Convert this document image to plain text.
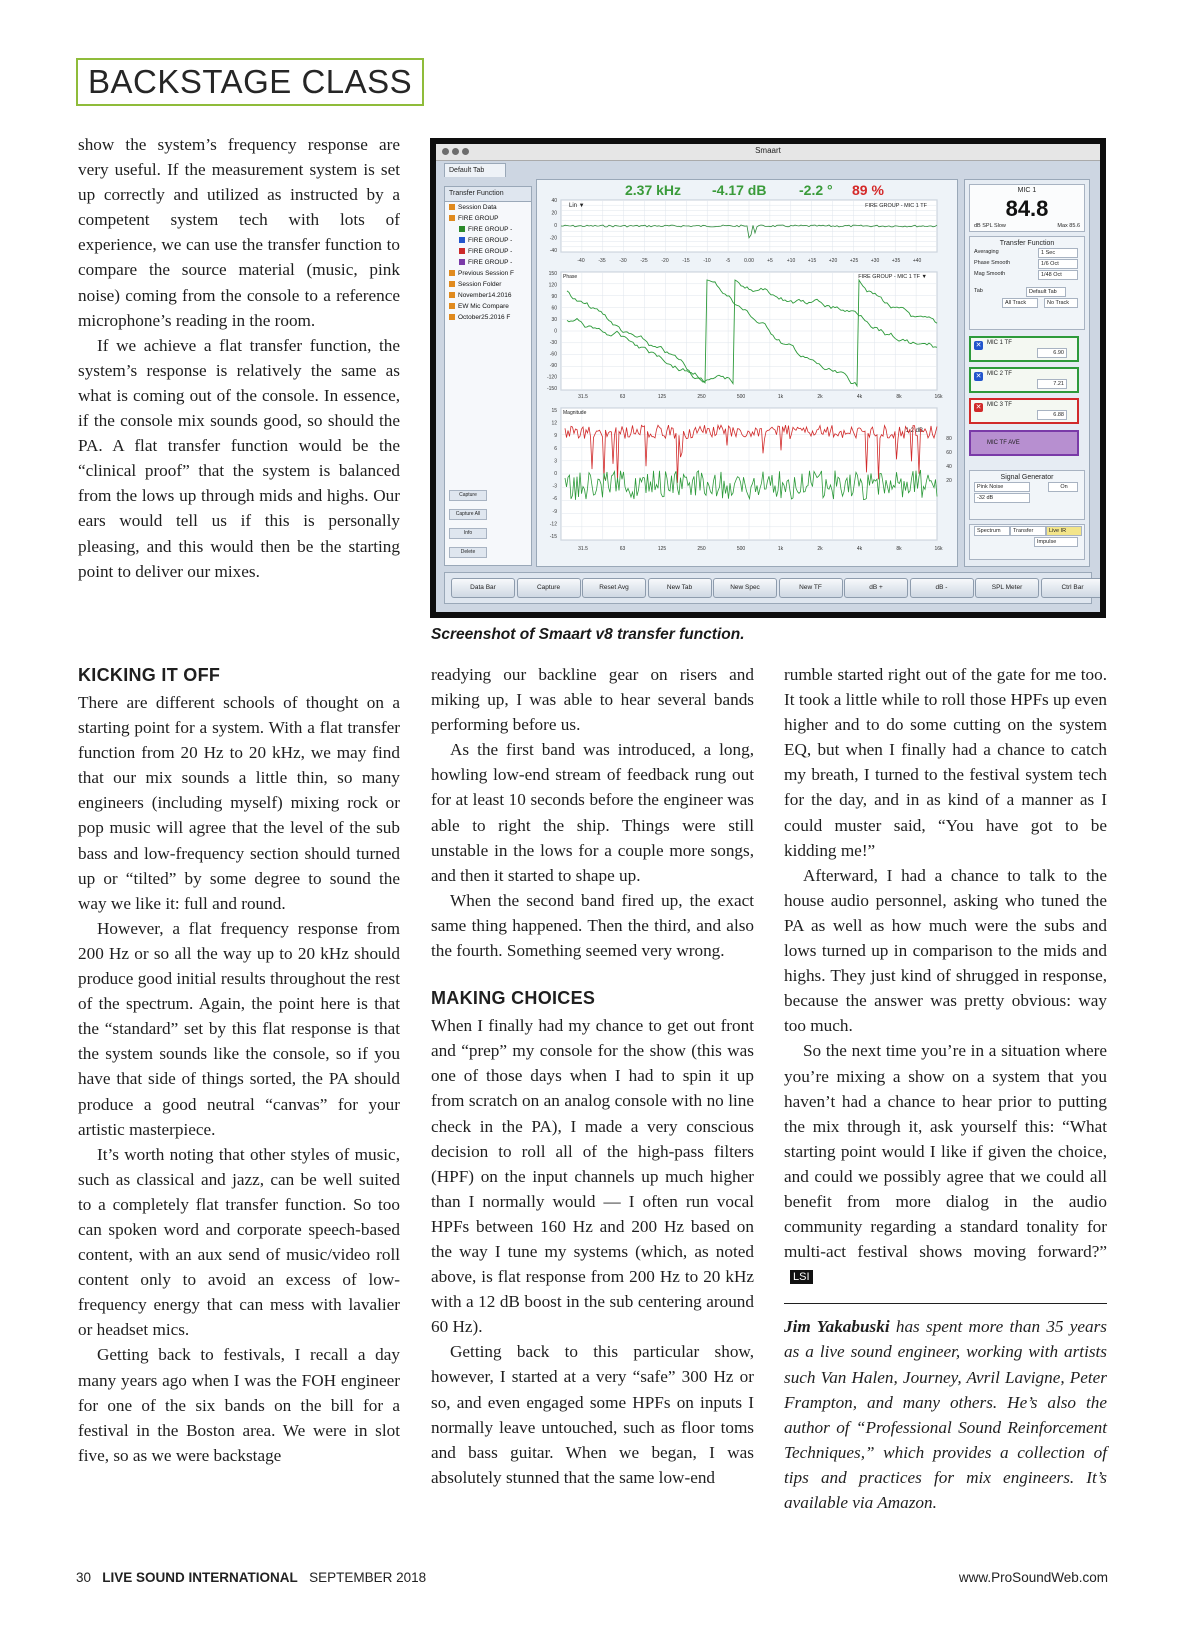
BACKSTAGE CLASS

show the system’s frequency response are very useful. If the measurement system is set up correctly and utilized as instructed by a competent system tech with lots of experience, we can use the transfer function to compare the source material (music, pink noise) coming from the console to a reference microphone’s reading in the room.

If we achieve a flat transfer function, the system’s response is relatively the same as what is coming out of the console. In essence, if the console mix sounds good, so should the PA. A flat transfer function would be the “clinical proof” that the system is balanced from the lows up through mids and highs. Our ears would tell us if this is personally pleasing, and this would then be the starting point to deliver our mixes.

KICKING IT OFF

There are different schools of thought on a starting point for a system. With a flat transfer function from 20 Hz to 20 kHz, we may find that our mix sounds a little thin, so many engineers (including myself) mixing rock or pop music will agree that the level of the sub bass and low-frequency section should turned up or “tilted” by some degree to sound the way we like it: full and round.

However, a flat frequency response from 200 Hz or so all the way up to 20 kHz should produce good initial results throughout the rest of the spectrum. Again, the point here is that the “standard” set by this flat response is that the system sounds like the console, so if you have that side of things sorted, the PA should produce a good neutral “canvas” for your artistic masterpiece.

It’s worth noting that other styles of music, such as classical and jazz, can be well suited to a completely flat transfer function. So too can spoken word and corporate speech-based content, with an aux send of music/video roll content only to avoid an excess of low-frequency energy that can mess with lavalier or headset mics.

Getting back to festivals, I recall a day many years ago when I was the FOH engineer for one of the six bands on the bill for a festival in the Boston area. We were in slot five, so as we were backstage

readying our backline gear on risers and miking up, I was able to hear several bands performing before us.

As the first band was introduced, a long, howling low-end stream of feedback rung out for at least 10 seconds before the engineer was able to right the ship. Things were still unstable in the lows for a couple more songs, and then it started to shape up.

When the second band fired up, the exact same thing happened. Then the third, and also the fourth. Something seemed very wrong.

MAKING CHOICES

When I finally had my chance to get out front and “prep” my console for the show (this was one of those days when I had to spin it up from scratch on an analog console with no line check in the PA), I made a very conscious decision to roll all of the high-pass filters (HPF) on the input channels up much higher than I normally would — I often run vocal HPFs between 160 Hz and 200 Hz based on the way I tune my systems (which, as noted above, is flat response from 200 Hz to 20 kHz with a 12 dB boost in the sub centering around 60 Hz).

Getting back to this particular show, however, I started at a very “safe” 300 Hz or so, and even engaged some HPFs on inputs I normally leave untouched, such as floor toms and bass guitar. When we began, I was absolutely stunned that the same low-end

rumble started right out of the gate for me too. It took a little while to roll those HPFs up even higher and to do some cutting on the system EQ, but when I finally had a chance to catch my breath, I turned to the festival system tech for the day, and in as kind of a manner as I could muster said, “You have got to be kidding me!”

Afterward, I had a chance to talk to the house audio personnel, asking who tuned the PA as well as how much were the subs and lows turned up in comparison to the mids and highs. They just kind of shrugged in response, because the answer was pretty obvious: way too much.

So the next time you’re in a situation where you’re mixing a show on a system that you haven’t had a chance to hear prior to putting the mix through it, ask yourself this: “What starting point would I like if given the choice, and could we possibly agree that we could all benefit from more dialog in the audio community regarding a standard tonality for multi-act festival shows moving forward?”LSI

Jim Yakabuski has spent more than 35 years as a live sound engineer, working with artists such Van Halen, Journey, Avril Lavigne, Peter Frampton, and many others. He’s also the author of “Professional Sound Reinforcement Techniques,” which provides a collection of tips and practices for mix engineers. It’s available via Amazon.

Smaart
Default Tab
Transfer Function
Session Data
FIRE GROUP
FIRE GROUP -
FIRE GROUP -
FIRE GROUP -
FIRE GROUP -
Previous Session F
Session Folder
November14.2016
EW Mic Compare
October25.2016 F
CaptureCapture AllInfoDelete
2.37 kHz -4.17 dB -2.2 ° 89 %
Lin ▼	FIRE GROUP - MIC 1 TF
Phase	FIRE GROUP - MIC 1 TF ▼
Magnitude
1.2 dB
40
20
0
-20
-40
-40	-35	-30	-25	-20	-15	-10	-5	0.00	+5	+10	+15	+20	+25	+30	+35	+40
150
120
90
60
30
0
-30
-60
-90
-120
-150
15
12
9
6
3
0
-3
-6
-9
-12
-15
31.5
31.5
63
63
125
125
250
250
500
500
1k
1k
2k
2k
4k
4k
8k
8k
16k
16k
80
60
40
20
MIC 1
84.8
dB SPL Slow	Max 85.6
Transfer Function
Averaging	1 Sec
Phase Smooth	1/6 Oct
Mag Smooth	1/48 Oct
Tab	Default Tab
All Track	No Track
✕ MIC 1 TF
6.90
✕ MIC 2 TF
7.21
✕ MIC 3 TF
6.88
MIC TF AVE
Signal Generator
Pink Noise	On
-32 dB
Spectrum	Transfer	Live IR
Impulse
Data Bar	Capture	Reset Avg	New Tab	New Spec	New TF	dB +	dB -	SPL Meter	Ctrl Bar
Screenshot of Smaart v8 transfer function.
30 LIVE SOUND INTERNATIONAL SEPTEMBER 2018	www.ProSoundWeb.com
